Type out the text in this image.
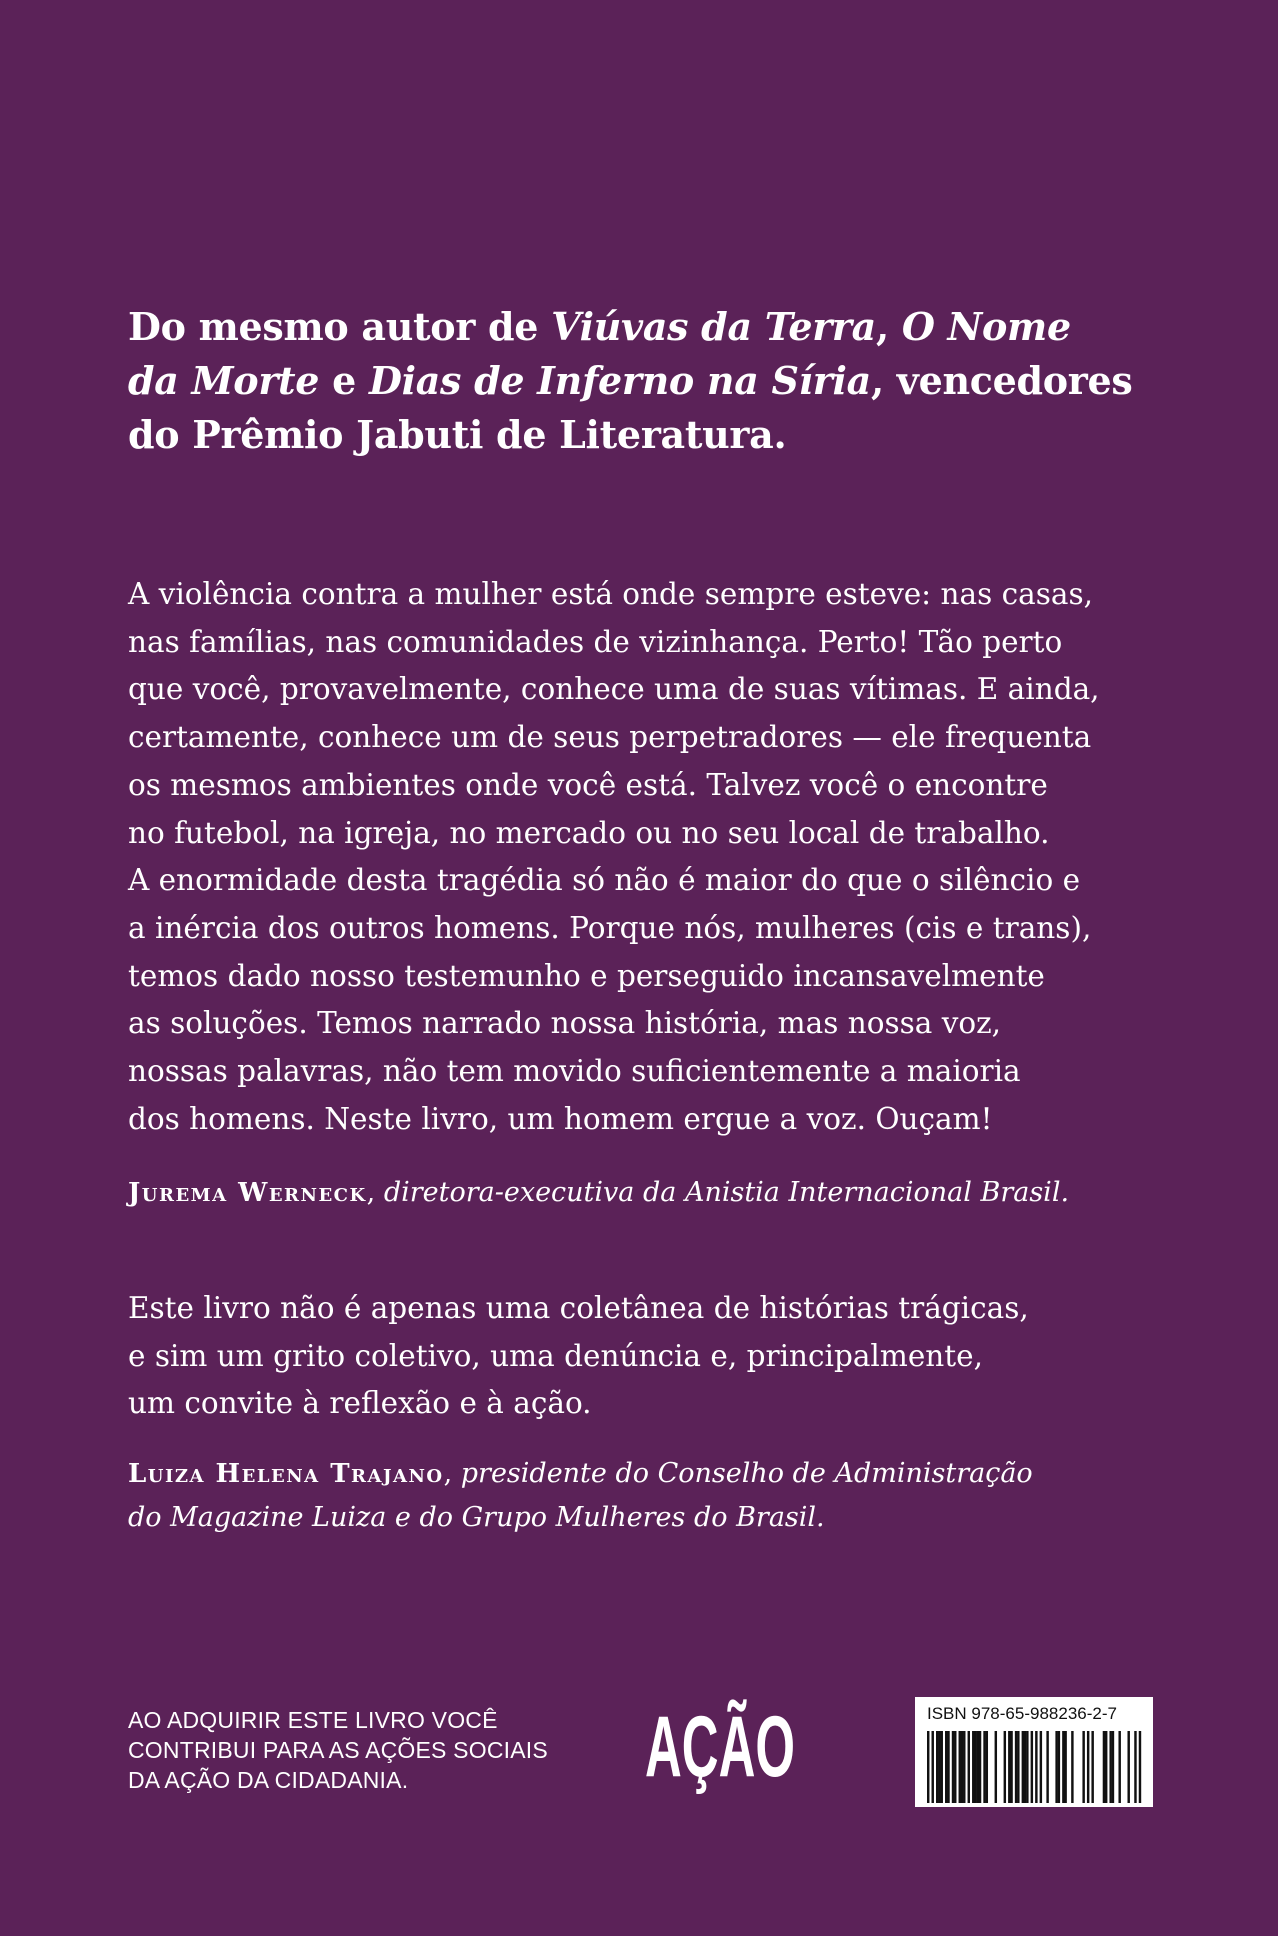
Do mesmo autor de Viúvas da Terra, O Nome
da Morte e Dias de Inferno na Síria, vencedores
do Prêmio Jabuti de Literatura.
A violência contra a mulher está onde sempre esteve: nas casas,
nas famílias, nas comunidades de vizinhança. Perto! Tão perto
que você, provavelmente, conhece uma de suas vítimas. E ainda,
certamente, conhece um de seus perpetradores — ele frequenta
os mesmos ambientes onde você está. Talvez você o encontre
no futebol, na igreja, no mercado ou no seu local de trabalho.
A enormidade desta tragédia só não é maior do que o silêncio e
a inércia dos outros homens. Porque nós, mulheres (cis e trans),
temos dado nosso testemunho e perseguido incansavelmente
as soluções. Temos narrado nossa história, mas nossa voz,
nossas palavras, não tem movido suficientemente a maioria
dos homens. Neste livro, um homem ergue a voz. Ouçam!
Jurema Werneck, diretora-executiva da Anistia Internacional Brasil.
Este livro não é apenas uma coletânea de histórias trágicas,
e sim um grito coletivo, uma denúncia e, principalmente,
um convite à reflexão e à ação.
Luiza Helena Trajano, presidente do Conselho de Administração
do Magazine Luiza e do Grupo Mulheres do Brasil.
AO ADQUIRIR ESTE LIVRO VOCÊ
CONTRIBUI PARA AS AÇÕES SOCIAIS
DA AÇÃO DA CIDADANIA.	AÇÃO	ISBN 978-65-988236-2-7
